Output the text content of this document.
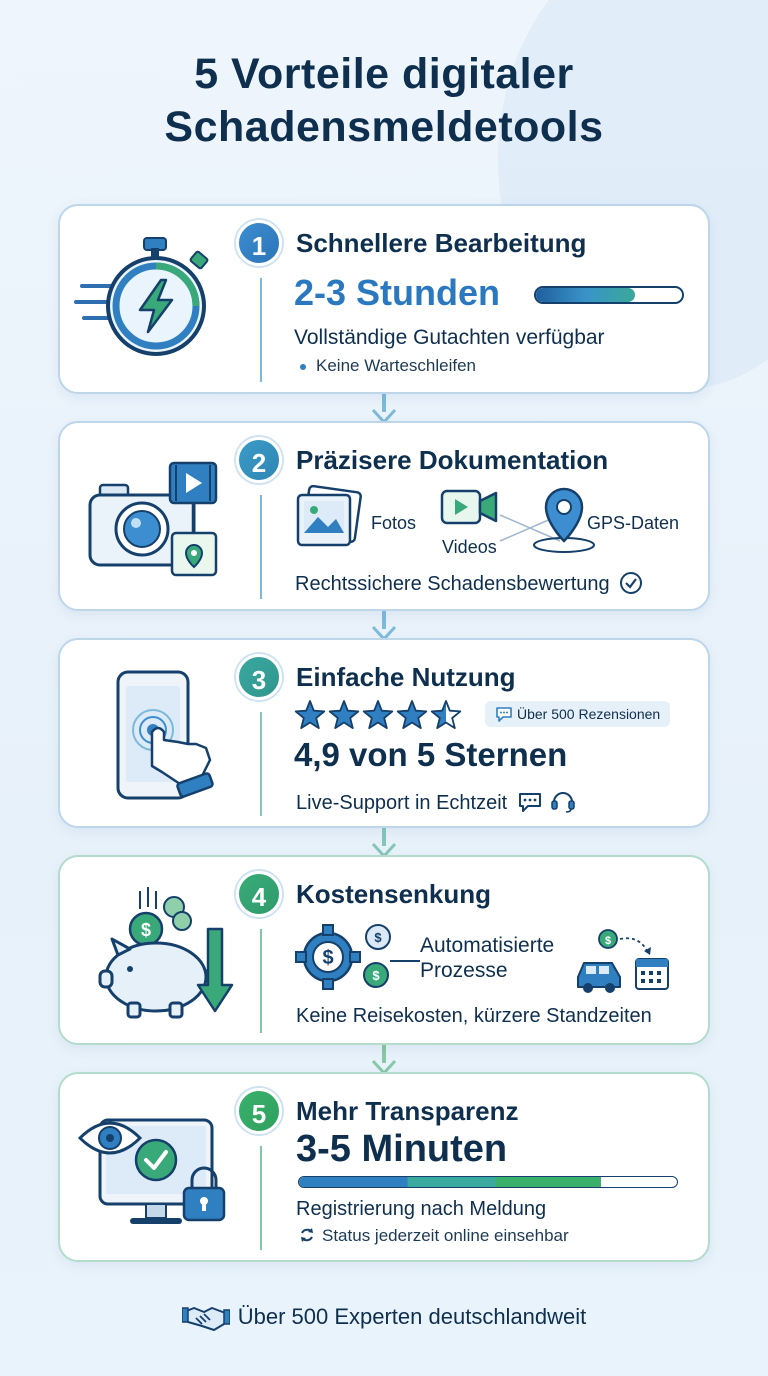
5 Vorteile digitaler
Schadensmeldetools
1	Schnellere Bearbeitung
2-3 Stunden
Vollständige Gutachten verfügbar
Keine Warteschleifen
2	Präzisere Dokumentation
Fotos
Videos
GPS-Daten
Rechtssichere Schadensbewertung
3	Einfache Nutzung
Über 500 Rezensionen
4,9 von 5 Sternen
Live-Support in Echtzeit
$
4	Kostensenkung
$
$
$
Automatisierte
Prozesse
$
Keine Reisekosten, kürzere Standzeiten
5	Mehr Transparenz
3-5 Minuten
Registrierung nach Meldung
Status jederzeit online einsehbar
Über 500 Experten deutschlandweit
